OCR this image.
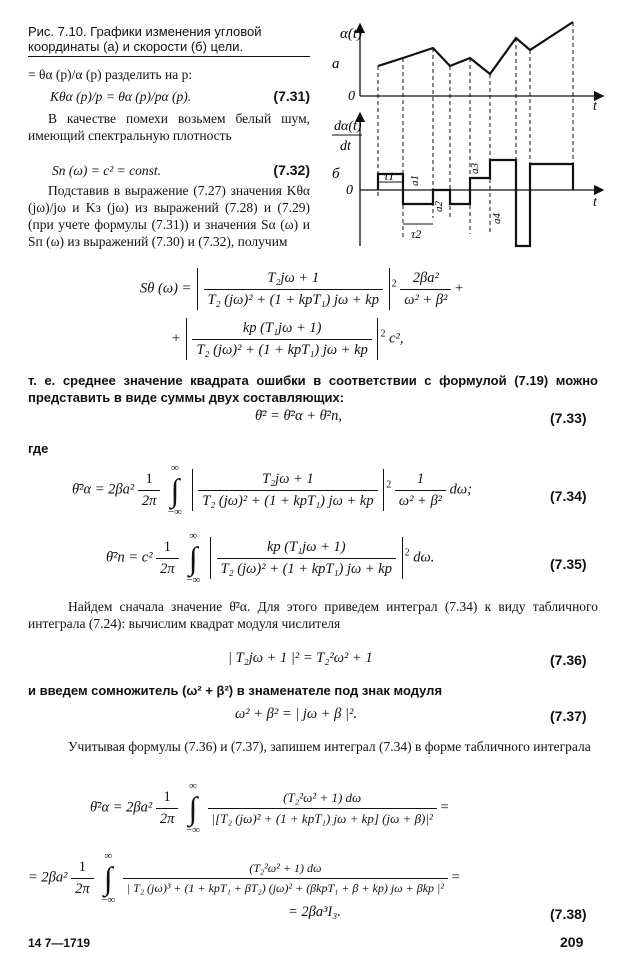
Рис. 7.10. Графики изменения угловой координаты (а) и скорости (б) цели.
α(t)
а
0
t
dα(t)
dt
б
0
t
τ1
τ2
a1
a2
a3
a4
= θα (p)/α (p) разделить на p:
Kθα (p)/p = θα (p)/pα (p).	(7.31)
В качестве помехи возьмем белый шум, имеющий спектральную плотность
Sп (ω) = c² = const.	(7.32)
Подставив в выражение (7.27) значения Kθα (jω)/jω и Kз (jω) из выражений (7.28) и (7.29) (при учете формулы (7.31)) и значения Sα (ω) и Sп (ω) из выражений (7.30) и (7.32), получим
Sθ $(\omega) = \frac{\text{T₂jω + 1}}{\text{T₂ (jω)² + (1 + kpT₁) jω + kp}} ^2 \frac{\text{2βa²}}{\text{ω² + β²}}$ +
+ $\frac{\text{kp (T₁jω + 1)}}{\text{T₂ (jω)² + (1 + kpT₁) jω + kp}} ^2$ c²,
т. е. среднее значение квадрата ошибки в соответствии с формулой (7.19) можно представить в виде суммы двух составляющих:
θ̄² = θ̄²α + θ̄²п,	(7.33)
где
θ̄²α = $2\beta a^2 \frac{1}{2\pi}$

∞
∫
−∞

$\frac{\text{T₂jω + 1}}{\text{T₂ (jω)² + (1 + kpT₁) jω + kp}} ^2 \frac{1}{\text{ω² + β²}} d\omega$;	(7.34)
θ̄²п = $c^2 \frac{1}{2\pi}$

∞
∫
−∞

$\frac{\text{kp (T₁jω + 1)}}{\text{T₂ (jω)² + (1 + kpT₁) jω + kp}} ^2$ dω.	(7.35)
Найдем сначала значение θ̄²α. Для этого приведем интеграл (7.34) к виду табличного интеграла (7.24): вычислим квадрат модуля числителя
| T₂jω + 1 |² = T₂²ω² + 1	(7.36)
и введем сомножитель (ω² + β²) в знаменателе под знак модуля
ω² + β² = | jω + β |².	(7.37)
Учитывая формулы (7.36) и (7.37), запишем интеграл (7.34) в форме табличного интеграла
θ̄²α = $2\beta a^2 \frac{1}{2\pi}$

∞
∫
−∞

$\frac{\text{(T₂²ω² + 1) dω}}{\text{|[T₂ (jω)² + (1 + kpT₁) jω + kp] (jω + β)|²}}$ =
= $2\beta a^2 \frac{1}{2\pi}$

∞
∫
−∞

(T₂²ω² + 1) dω
| T₂ (jω)³ + (1 + kpT₁ + βT₂) (jω)² + (βkpT₁ + β + kp) jω + βkp |²
=
= 2βa³I₃.	(7.38)
14 7—1719	209
